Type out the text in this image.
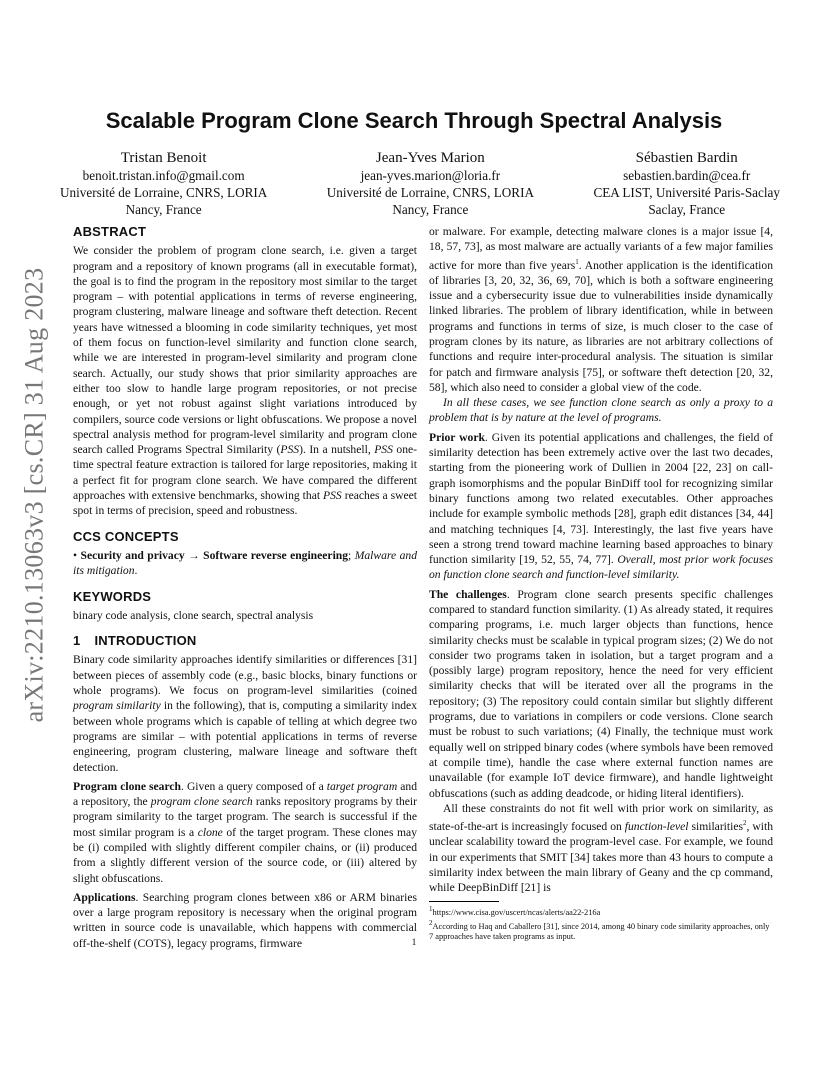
arXiv:2210.13063v3 [cs.CR] 31 Aug 2023
Scalable Program Clone Search Through Spectral Analysis
Tristan Benoit
benoit.tristan.info@gmail.com
Université de Lorraine, CNRS, LORIA
Nancy, France
Jean-Yves Marion
jean-yves.marion@loria.fr
Université de Lorraine, CNRS, LORIA
Nancy, France
Sébastien Bardin
sebastien.bardin@cea.fr
CEA LIST, Université Paris-Saclay
Saclay, France
ABSTRACT

We consider the problem of program clone search, i.e. given a target program and a repository of known programs (all in executable format), the goal is to find the program in the repository most similar to the target program – with potential applications in terms of reverse engineering, program clustering, malware lineage and software theft detection. Recent years have witnessed a blooming in code similarity techniques, yet most of them focus on function-level similarity and function clone search, while we are interested in program-level similarity and program clone search. Actually, our study shows that prior similarity approaches are either too slow to handle large program repositories, or not precise enough, or yet not robust against slight variations introduced by compilers, source code versions or light obfuscations. We propose a novel spectral analysis method for program-level similarity and program clone search called Programs Spectral Similarity (PSS). In a nutshell, PSS one-time spectral feature extraction is tailored for large repositories, making it a perfect fit for program clone search. We have compared the different approaches with extensive benchmarks, showing that PSS reaches a sweet spot in terms of precision, speed and robustness.

CCS CONCEPTS

• Security and privacy → Software reverse engineering; Malware and its mitigation.

KEYWORDS

binary code analysis, clone search, spectral analysis

1 INTRODUCTION

Binary code similarity approaches identify similarities or differences [31] between pieces of assembly code (e.g., basic blocks, binary functions or whole programs). We focus on program-level similarities (coined program similarity in the following), that is, computing a similarity index between whole programs which is capable of telling at which degree two programs are similar – with potential applications in terms of reverse engineering, program clustering, malware lineage and software theft detection.

Program clone search. Given a query composed of a target program and a repository, the program clone search ranks repository programs by their program similarity to the target program. The search is successful if the most similar program is a clone of the target program. These clones may be (i) compiled with slightly different compiler chains, or (ii) produced from a slightly different version of the source code, or (iii) altered by slight obfuscations.

Applications. Searching program clones between x86 or ARM binaries over a large program repository is necessary when the original program written in source code is unavailable, which happens with commercial off-the-shelf (COTS), legacy programs, firmware

or malware. For example, detecting malware clones is a major issue [4, 18, 57, 73], as most malware are actually variants of a few major families active for more than five years$^1$. Another application is the identification of libraries [3, 20, 32, 36, 69, 70], which is both a software engineering issue and a cybersecurity issue due to vulnerabilities inside dynamically linked libraries. The problem of library identification, while in between programs and functions in terms of size, is much closer to the case of program clones by its nature, as libraries are not arbitrary collections of functions and require inter-procedural analysis. The situation is similar for patch and firmware analysis [75], or software theft detection [20, 32, 58], which also need to consider a global view of the code.

In all these cases, we see function clone search as only a proxy to a problem that is by nature at the level of programs.

Prior work. Given its potential applications and challenges, the field of similarity detection has been extremely active over the last two decades, starting from the pioneering work of Dullien in 2004 [22, 23] on call-graph isomorphisms and the popular BinDiff tool for recognizing similar binary functions among two related executables. Other approaches include for example symbolic methods [28], graph edit distances [34, 44] and matching techniques [4, 73]. Interestingly, the last five years have seen a strong trend toward machine learning based approaches to binary function similarity [19, 52, 55, 74, 77]. Overall, most prior work focuses on function clone search and function-level similarity.

The challenges. Program clone search presents specific challenges compared to standard function similarity. (1) As already stated, it requires comparing programs, i.e. much larger objects than functions, hence similarity checks must be scalable in typical program sizes; (2) We do not consider two programs taken in isolation, but a target program and a (possibly large) program repository, hence the need for very efficient similarity checks that will be iterated over all the programs in the repository; (3) The repository could contain similar but slightly different programs, due to variations in compilers or code versions. Clone search must be robust to such variations; (4) Finally, the technique must work equally well on stripped binary codes (where symbols have been removed at compile time), handle the case where external function names are unavailable (for example IoT device firmware), and handle lightweight obfuscations (such as adding deadcode, or hiding literal identifiers).

All these constraints do not fit well with prior work on similarity, as state-of-the-art is increasingly focused on function-level similarities$^2$, with unclear scalability toward the program-level case. For example, we found in our experiments that SMIT [34] takes more than 43 hours to compute a similarity index between the main library of Geany and the cp command, while DeepBinDiff [21] is

$^1$https://www.cisa.gov/uscert/ncas/alerts/aa22-216a
$^2$According to Haq and Caballero [31], since 2014, among 40 binary code similarity approaches, only 7 approaches have taken programs as input.
1
